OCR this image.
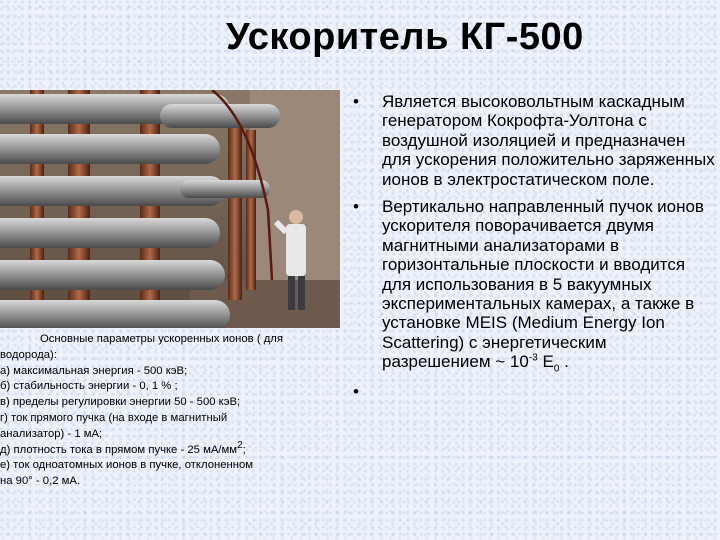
Ускоритель КГ-500
Основные параметры ускоренных ионов ( для
водорода):
а) максимальная энергия - 500 кэВ;
б) стабильность энергии - 0, 1 % ;
в) пределы регулировки энергии 50 - 500 кэВ;
г) ток прямого пучка (на входе в магнитный
анализатор) - 1 мА;
д) плотность тока в прямом пучке - 25 $мА/мм^2$;
е) ток одноатомных ионов в пучке, отклоненном
на 90° - 0,2 мА.
• Является высоковольтным каскадным генератором Кокрофта-Уолтона с воздушной изоляцией и предназначен для ускорения положительно заряженных ионов в электростатическом поле.
• Вертикально направленный пучок ионов ускорителя поворачивается двумя магнитными анализаторами в горизонтальные плоскости и вводится для использования в 5 вакуумных экспериментальных камерах, а также в установке MEIS (Medium Energy Ion Scattering) с энергетическим разрешением ~ $10^{-3}$ $E_0$ .
•
